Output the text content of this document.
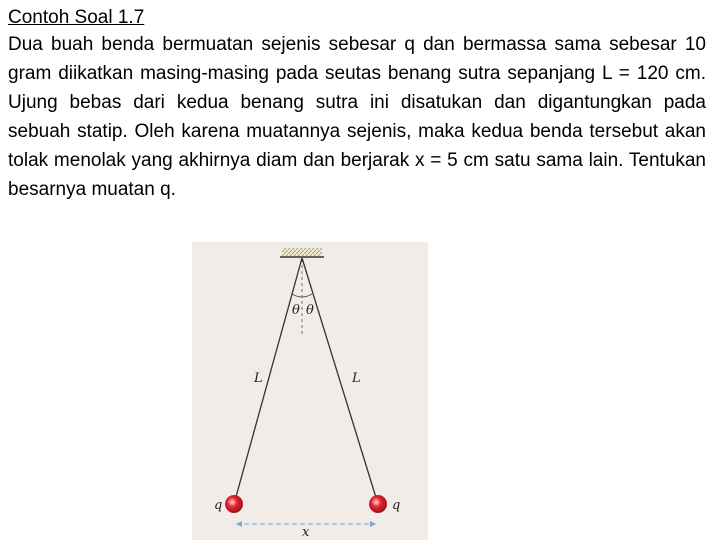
Contoh Soal 1.7

Dua buah benda bermuatan sejenis sebesar q dan bermassa sama sebesar 10 gram diikatkan masing-masing pada seutas benang sutra sepanjang L = 120 cm. Ujung bebas dari kedua benang sutra ini disatukan dan digantungkan pada sebuah statip. Oleh karena muatannya sejenis, maka kedua benda tersebut akan tolak menolak yang akhirnya diam dan berjarak x = 5 cm satu sama lain. Tentukan besarnya muatan q.

θ θ
L	L
q	q
x
